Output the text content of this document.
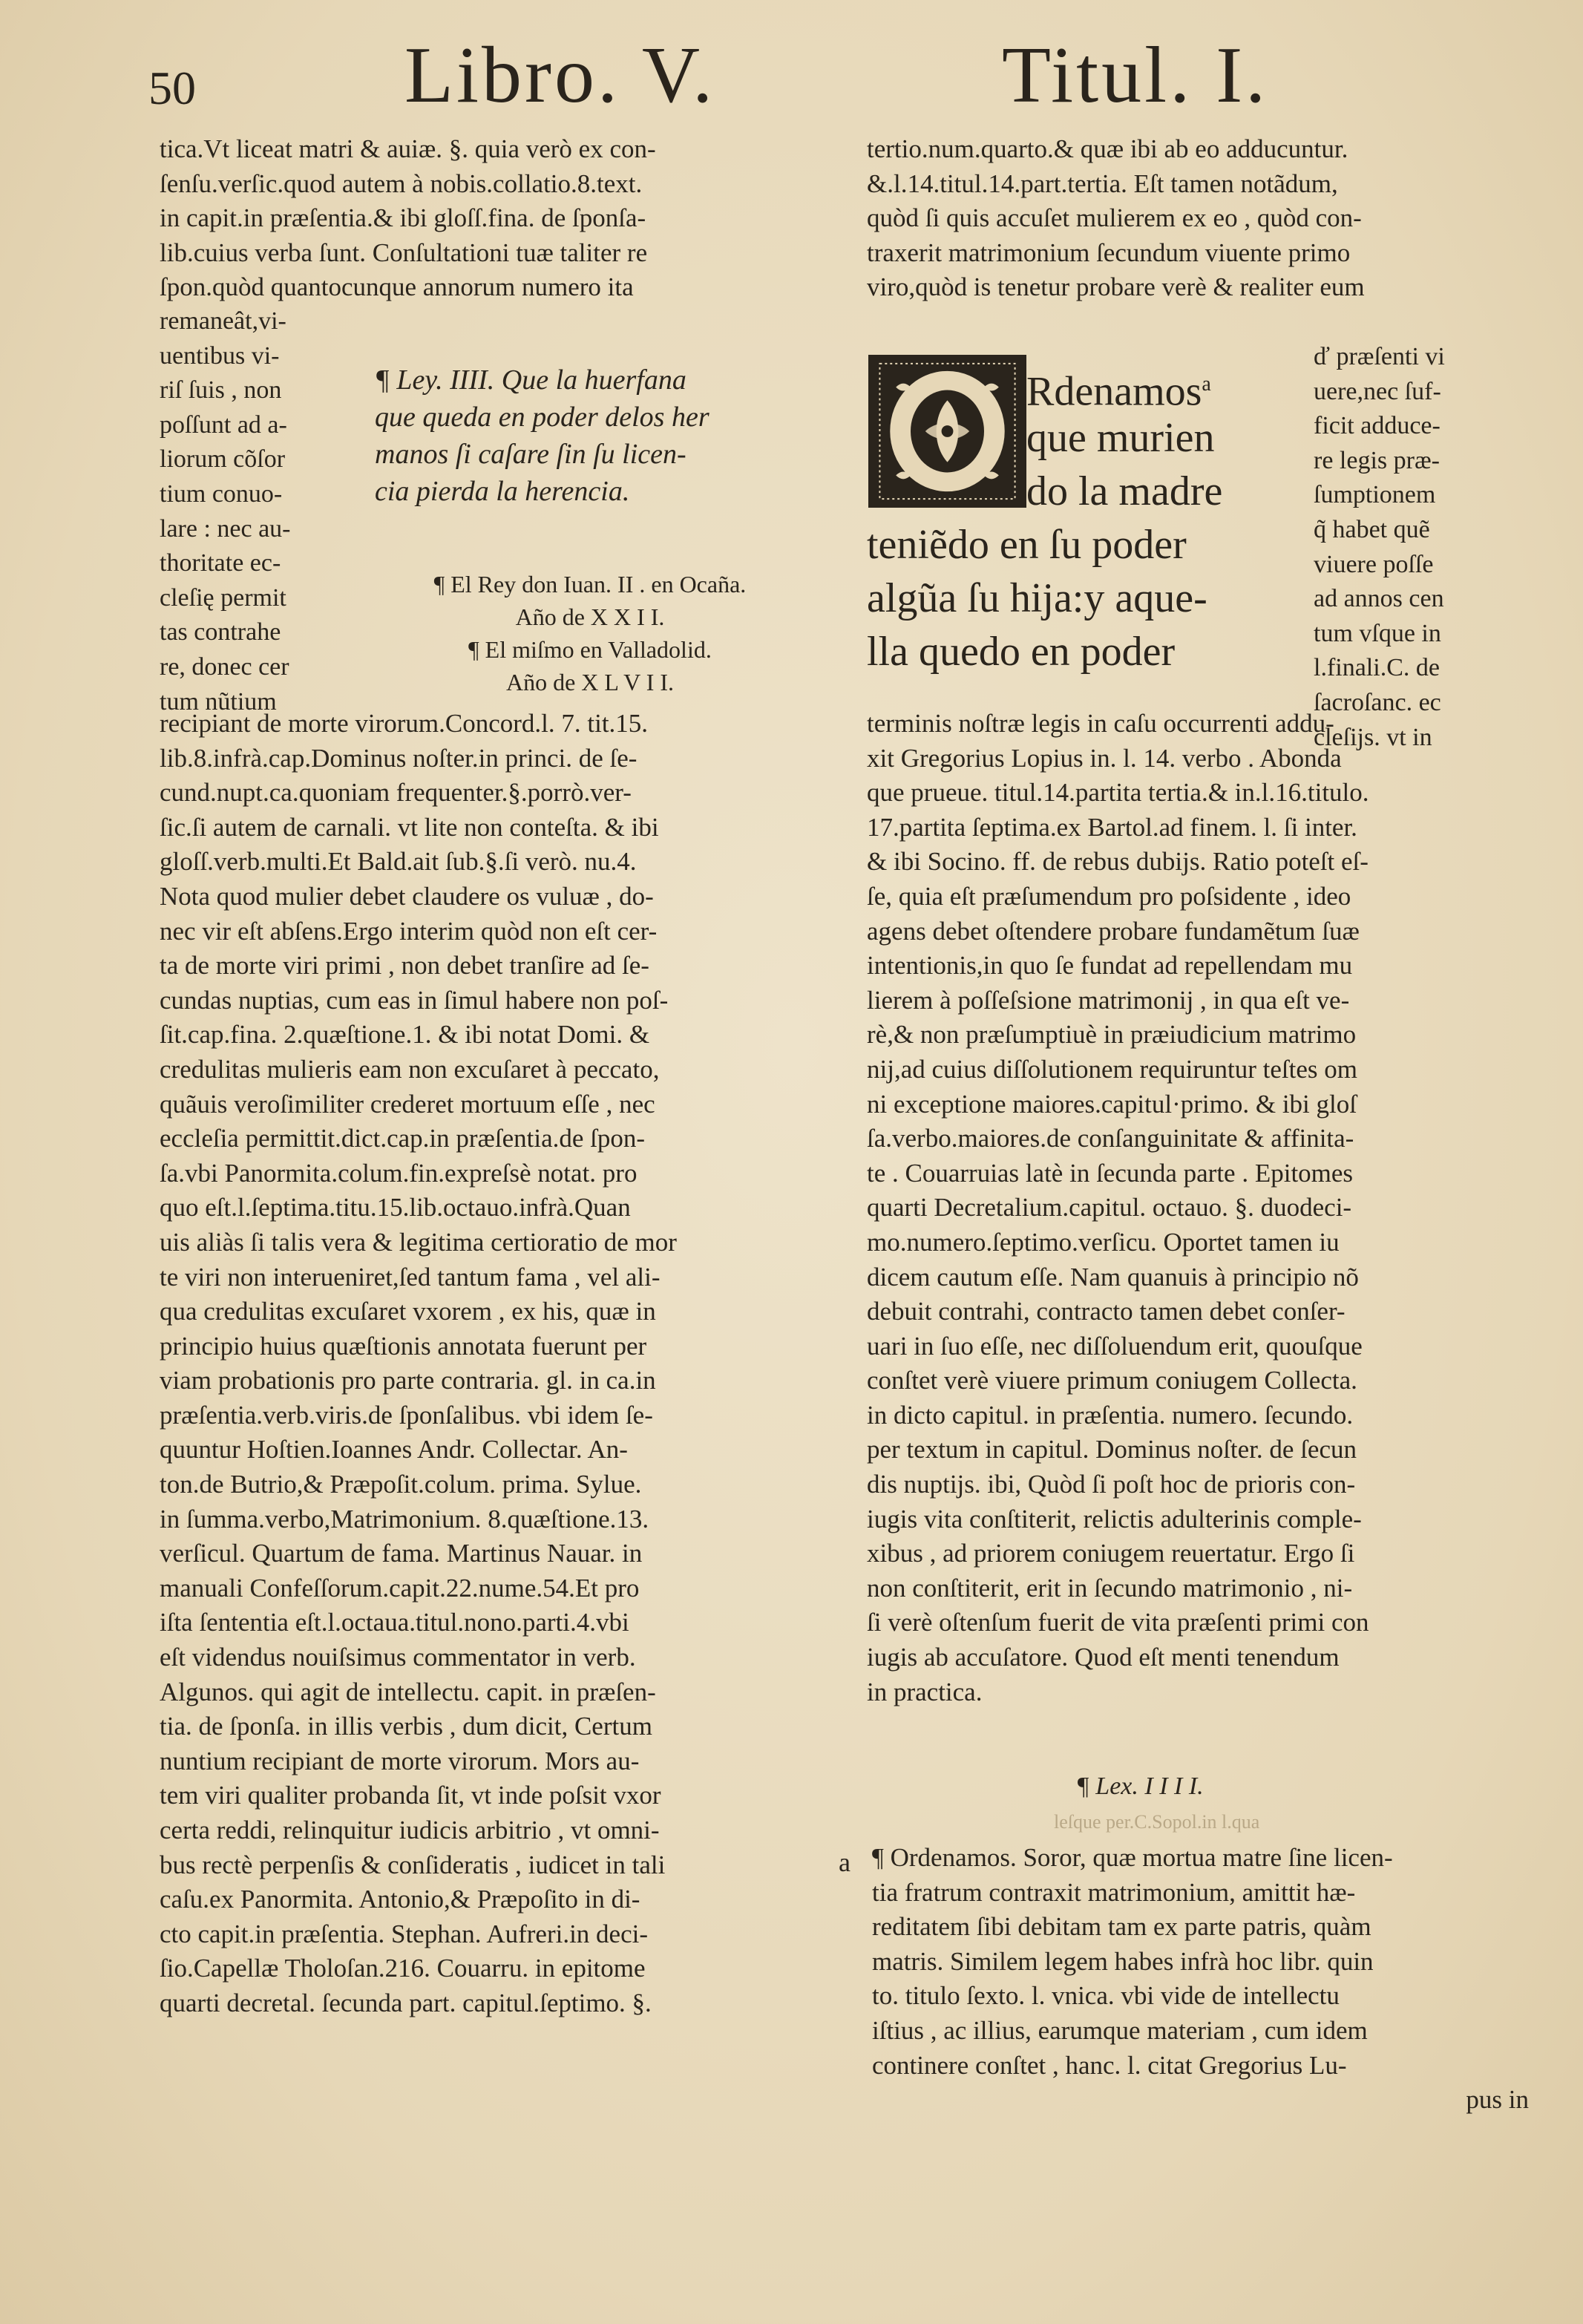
50	Libro. V.	Titul. I.
tica.Vt liceat matri & auiæ. §. quia verò ex con-
ſenſu.verſic.quod autem à nobis.collatio.8.text.
in capit.in præſentia.& ibi gloſſ.fina. de ſponſa-
lib.cuius verba ſunt. Conſultationi tuæ taliter re
ſpon.quòd quantocunque annorum numero ita
remaneât,vi-
uentibus vi-
riſ ſuis , non
poſſunt ad a-
liorum cõſor
tium conuo-
lare : nec au-
thoritate ec-
cleſię permit
tas contrahe
re, donec cer
tum nũtium
¶ Ley. IIII. Que la huerfana
que queda en poder delos her
manos ſi caſare ſin ſu licen-
cia pierda la herencia.
¶ El Rey don Iuan. II . en Ocaña.
Año de X X I I.
¶ El miſmo en Valladolid.
Año de X L V I I.
recipiant de morte virorum.Concord.l. 7. tit.15.
lib.8.infrà.cap.Dominus noſter.in princi. de ſe-
cund.nupt.ca.quoniam frequenter.§.porrò.ver-
ſic.ſi autem de carnali. vt lite non conteſta. & ibi
gloſſ.verb.multi.Et Bald.ait ſub.§.ſi verò. nu.4.
Nota quod mulier debet claudere os vuluæ , do-
nec vir eſt abſens.Ergo interim quòd non eſt cer-
ta de morte viri primi , non debet tranſire ad ſe-
cundas nuptias, cum eas in ſimul habere non poſ-
ſit.cap.fina. 2.quæſtione.1. & ibi notat Domi. &
credulitas mulieris eam non excuſaret à peccato,
quãuis veroſimiliter crederet mortuum eſſe , nec
eccleſia permittit.dict.cap.in præſentia.de ſpon-
ſa.vbi Panormita.colum.fin.expreſsè notat. pro
quo eſt.l.ſeptima.titu.15.lib.octauo.infrà.Quan
uis aliàs ſi talis vera & legitima certioratio de mor
te viri non interueniret,ſed tantum fama , vel ali-
qua credulitas excuſaret vxorem , ex his, quæ in
principio huius quæſtionis annotata fuerunt per
viam probationis pro parte contraria. gl. in ca.in
præſentia.verb.viris.de ſponſalibus. vbi idem ſe-
quuntur Hoſtien.Ioannes Andr. Collectar. An-
ton.de Butrio,& Præpoſit.colum. prima. Sylue.
in ſumma.verbo,Matrimonium. 8.quæſtione.13.
verſicul. Quartum de fama. Martinus Nauar. in
manuali Confeſſorum.capit.22.nume.54.Et pro
iſta ſententia eſt.l.octaua.titul.nono.parti.4.vbi
eſt videndus nouiſsimus commentator in verb.
Algunos. qui agit de intellectu. capit. in præſen-
tia. de ſponſa. in illis verbis , dum dicit, Certum
nuntium recipiant de morte virorum. Mors au-
tem viri qualiter probanda ſit, vt inde poſsit vxor
certa reddi, relinquitur iudicis arbitrio , vt omni-
bus rectè perpenſis & conſideratis , iudicet in tali
caſu.ex Panormita. Antonio,& Præpoſito in di-
cto capit.in præſentia. Stephan. Aufreri.in deci-
ſio.Capellæ Tholoſan.216. Couarru. in epitome
quarti decretal. ſecunda part. capitul.ſeptimo. §.
tertio.num.quarto.& quæ ibi ab eo adducuntur.
&.l.14.titul.14.part.tertia. Eſt tamen notãdum,
quòd ſi quis accuſet mulierem ex eo , quòd con-
traxerit matrimonium ſecundum viuente primo
viro,quòd is tenetur probare verè & realiter eum
ď præſenti vi
uere,nec ſuf-
ficit adduce-
re legis præ-
ſumptionem
q̃ habet quẽ
viuere poſſe
ad annos cen
tum vſque in
l.finali.C. de
ſacroſanc. ec
cleſijs. vt in
Rdenamos$^a$
que murien
do la madre
teniẽdo en ſu poder
algũa ſu hija:y aque-
lla quedo en poder
terminis noſtræ legis in caſu occurrenti addu-
xit Gregorius Lopius in. l. 14. verbo . Abonda
que prueue. titul.14.partita tertia.& in.l.16.titulo.
17.partita ſeptima.ex Bartol.ad finem. l. ſi inter.
& ibi Socino. ff. de rebus dubijs. Ratio poteſt eſ-
ſe, quia eſt præſumendum pro poſsidente , ideo
agens debet oſtendere probare fundamẽtum ſuæ
intentionis,in quo ſe fundat ad repellendam mu
lierem à poſſeſsione matrimonij , in qua eſt ve-
rè,& non præſumptiuè in præiudicium matrimo
nij,ad cuius diſſolutionem requiruntur teſtes om
ni exceptione maiores.capitul·primo. & ibi gloſ
ſa.verbo.maiores.de conſanguinitate & affinita-
te . Couarruias latè in ſecunda parte . Epitomes
quarti Decretalium.capitul. octauo. §. duodeci-
mo.numero.ſeptimo.verſicu. Oportet tamen iu
dicem cautum eſſe. Nam quanuis à principio nõ
debuit contrahi, contracto tamen debet conſer-
uari in ſuo eſſe, nec diſſoluendum erit, quouſque
conſtet verè viuere primum coniugem Collecta.
in dicto capitul. in præſentia. numero. ſecundo.
per textum in capitul. Dominus noſter. de ſecun
dis nuptijs. ibi, Quòd ſi poſt hoc de prioris con-
iugis vita conſtiterit, relictis adulterinis comple-
xibus , ad priorem coniugem reuertatur. Ergo ſi
non conſtiterit, erit in ſecundo matrimonio , ni-
ſi verè oſtenſum fuerit de vita præſenti primi con
iugis ab accuſatore. Quod eſt menti tenendum
in practica.
¶ Lex. I I I I.
leſque per.C.Sopol.in l.qua
a ¶ Ordenamos. Soror, quæ mortua matre ſine licen-
tia fratrum contraxit matrimonium, amittit hæ-
reditatem ſibi debitam tam ex parte patris, quàm
matris. Similem legem habes infrà hoc libr. quin
to. titulo ſexto. l. vnica. vbi vide de intellectu
iſtius , ac illius, earumque materiam , cum idem
continere conſtet , hanc. l. citat Gregorius Lu-
pus in
